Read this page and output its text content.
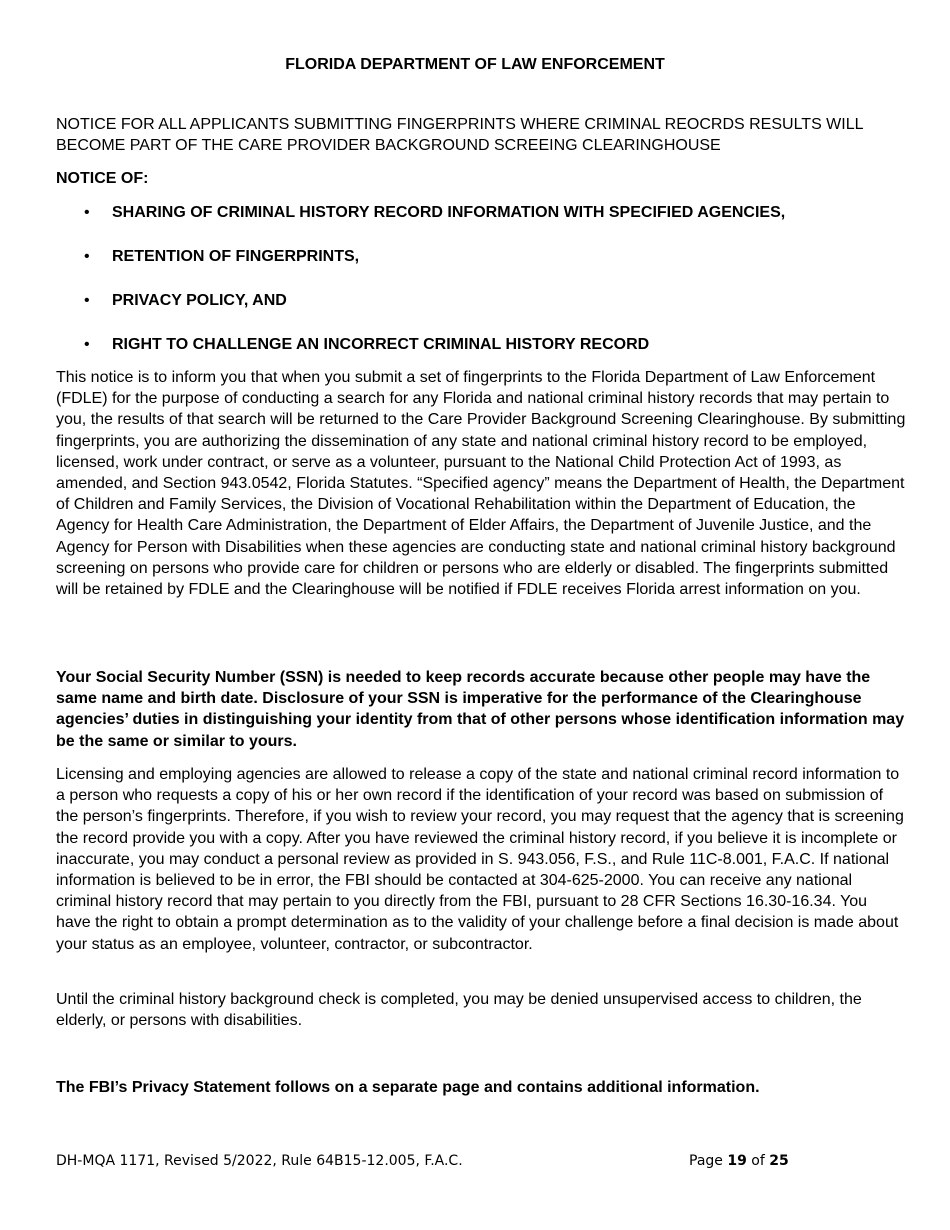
FLORIDA DEPARTMENT OF LAW ENFORCEMENT
NOTICE FOR ALL APPLICANTS SUBMITTING FINGERPRINTS WHERE CRIMINAL REOCRDS RESULTS WILL BECOME PART OF THE CARE PROVIDER BACKGROUND SCREEING CLEARINGHOUSE
NOTICE OF:
• SHARING OF CRIMINAL HISTORY RECORD INFORMATION WITH SPECIFIED AGENCIES,
• RETENTION OF FINGERPRINTS,
• PRIVACY POLICY, AND
• RIGHT TO CHALLENGE AN INCORRECT CRIMINAL HISTORY RECORD

This notice is to inform you that when you submit a set of fingerprints to the Florida Department of Law Enforcement (FDLE) for the purpose of conducting a search for any Florida and national criminal history records that may pertain to you, the results of that search will be returned to the Care Provider Background Screening Clearinghouse. By submitting fingerprints, you are authorizing the dissemination of any state and national criminal history record to be employed, licensed, work under contract, or serve as a volunteer, pursuant to the National Child Protection Act of 1993, as amended, and Section 943.0542, Florida Statutes. “Specified agency” means the Department of Health, the Department of Children and Family Services, the Division of Vocational Rehabilitation within the Department of Education, the Agency for Health Care Administration, the Department of Elder Affairs, the Department of Juvenile Justice, and the Agency for Person with Disabilities when these agencies are conducting state and national criminal history background screening on persons who provide care for children or persons who are elderly or disabled. The fingerprints submitted will be retained by FDLE and the Clearinghouse will be notified if FDLE receives Florida arrest information on you.

Your Social Security Number (SSN) is needed to keep records accurate because other people may have the same name and birth date. Disclosure of your SSN is imperative for the performance of the Clearinghouse agencies’ duties in distinguishing your identity from that of other persons whose identification information may be the same or similar to yours.

Licensing and employing agencies are allowed to release a copy of the state and national criminal record information to a person who requests a copy of his or her own record if the identification of your record was based on submission of the person’s fingerprints. Therefore, if you wish to review your record, you may request that the agency that is screening the record provide you with a copy. After you have reviewed the criminal history record, if you believe it is incomplete or inaccurate, you may conduct a personal review as provided in S. 943.056, F.S., and Rule 11C-8.001, F.A.C. If national information is believed to be in error, the FBI should be contacted at 304-625-2000. You can receive any national criminal history record that may pertain to you directly from the FBI, pursuant to 28 CFR Sections 16.30-16.34. You have the right to obtain a prompt determination as to the validity of your challenge before a final decision is made about your status as an employee, volunteer, contractor, or subcontractor.

Until the criminal history background check is completed, you may be denied unsupervised access to children, the elderly, or persons with disabilities.

The FBI’s Privacy Statement follows on a separate page and contains additional information.

DH-MQA 1171, Revised 5/2022, Rule 64B15-12.005, F.A.C.	Page 19 of 25
